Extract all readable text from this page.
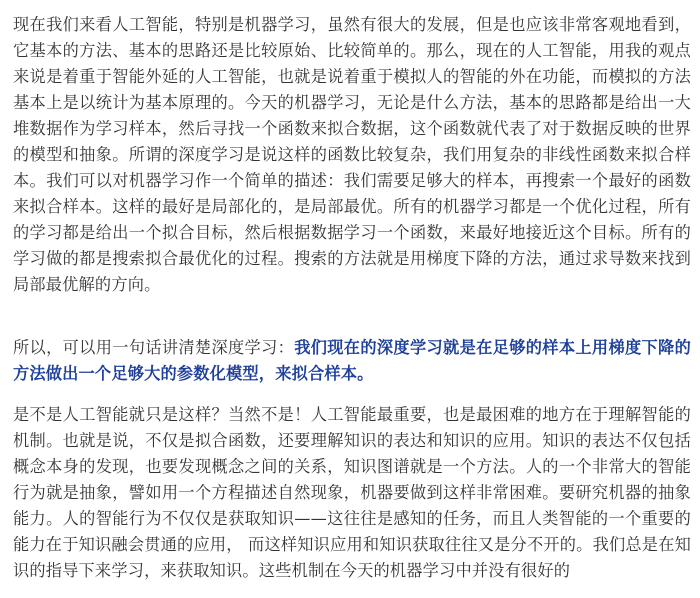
现在我们来看人工智能，特别是机器学习，虽然有很大的发展，但是也应该非常客观地看到，它基本的方法、基本的思路还是比较原始、比较简单的。那么，现在的人工智能，用我的观点来说是着重于智能外延的人工智能，也就是说着重于模拟人的智能的外在功能，而模拟的方法基本上是以统计为基本原理的。今天的机器学习，无论是什么方法，基本的思路都是给出一大堆数据作为学习样本，然后寻找一个函数来拟合数据，这个函数就代表了对于数据反映的世界的模型和抽象。所谓的深度学习是说这样的函数比较复杂，我们用复杂的非线性函数来拟合样本。我们可以对机器学习作一个简单的描述：我们需要足够大的样本，再搜索一个最好的函数来拟合样本。这样的最好是局部化的，是局部最优。所有的机器学习都是一个优化过程，所有的学习都是给出一个拟合目标，然后根据数据学习一个函数，来最好地接近这个目标。所有的学习做的都是搜索拟合最优化的过程。搜索的方法就是用梯度下降的方法，通过求导数来找到局部最优解的方向。

所以，可以用一句话讲清楚深度学习：我们现在的深度学习就是在足够的样本上用梯度下降的方法做出一个足够大的参数化模型，来拟合样本。

是不是人工智能就只是这样？当然不是！人工智能最重要，也是最困难的地方在于理解智能的机制。也就是说，不仅是拟合函数，还要理解知识的表达和知识的应用。知识的表达不仅包括概念本身的发现，也要发现概念之间的关系，知识图谱就是一个方法。人的一个非常大的智能行为就是抽象，譬如用一个方程描述自然现象，机器要做到这样非常困难。要研究机器的抽象能力。人的智能行为不仅仅是获取知识——这往往是感知的任务，而且人类智能的一个重要的能力在于知识融会贯通的应用， 而这样知识应用和知识获取往往又是分不开的。我们总是在知识的指导下来学习，来获取知识。这些机制在今天的机器学习中并没有很好的
